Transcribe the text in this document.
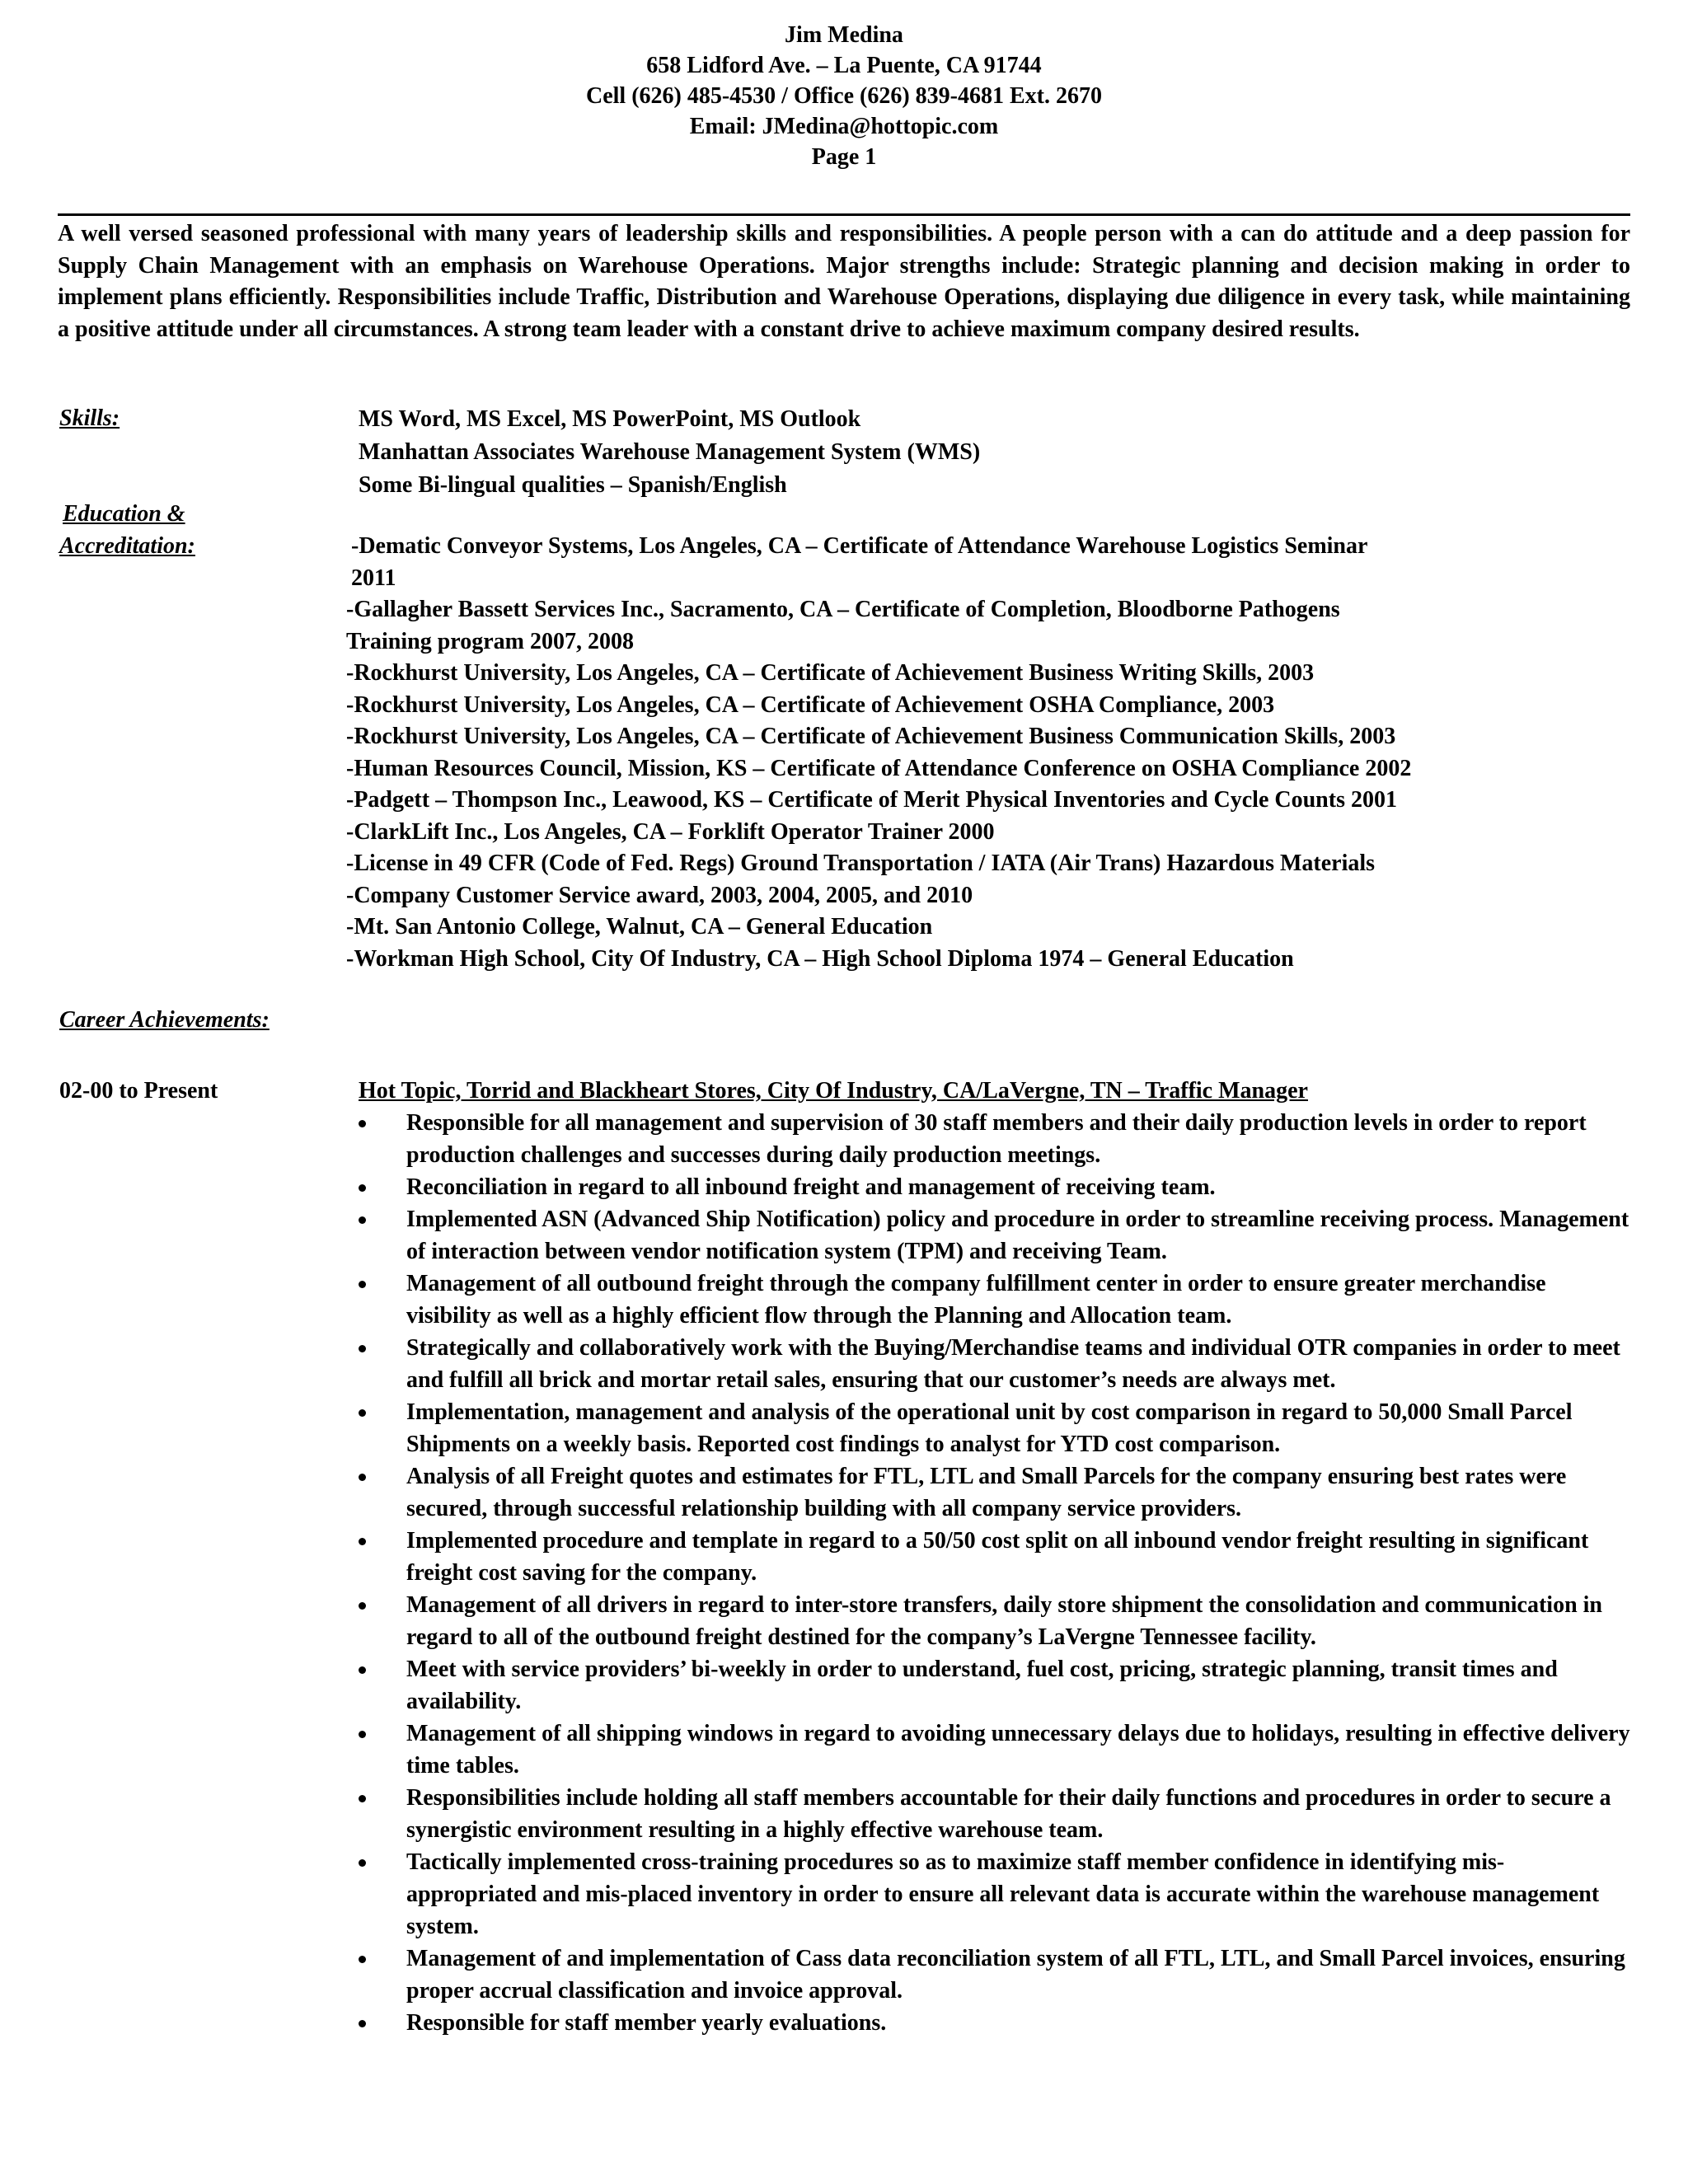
Jim Medina
658 Lidford Ave. – La Puente, CA 91744
Cell (626) 485-4530 / Office (626) 839-4681 Ext. 2670
Email: JMedina@hottopic.com
Page 1
A well versed seasoned professional with many years of leadership skills and responsibilities. A people person with a can do attitude and a deep passion for Supply Chain Management with an emphasis on Warehouse Operations. Major strengths include: Strategic planning and decision making in order to implement plans efficiently. Responsibilities include Traffic, Distribution and Warehouse Operations, displaying due diligence in every task, while maintaining a positive attitude under all circumstances. A strong team leader with a constant drive to achieve maximum company desired results.
Skills:	MS Word, MS Excel, MS PowerPoint, MS Outlook
Manhattan Associates Warehouse Management System (WMS)
Some Bi-lingual qualities – Spanish/English
Education &
Accreditation:	-Dematic Conveyor Systems, Los Angeles, CA – Certificate of Attendance Warehouse Logistics Seminar
2011
-Gallagher Bassett Services Inc., Sacramento, CA – Certificate of Completion, Bloodborne Pathogens
Training program 2007, 2008
-Rockhurst University, Los Angeles, CA – Certificate of Achievement Business Writing Skills, 2003
-Rockhurst University, Los Angeles, CA – Certificate of Achievement OSHA Compliance, 2003
-Rockhurst University, Los Angeles, CA – Certificate of Achievement Business Communication Skills, 2003
-Human Resources Council, Mission, KS – Certificate of Attendance Conference on OSHA Compliance 2002
-Padgett – Thompson Inc., Leawood, KS – Certificate of Merit Physical Inventories and Cycle Counts 2001
-ClarkLift Inc., Los Angeles, CA – Forklift Operator Trainer 2000
-License in 49 CFR (Code of Fed. Regs) Ground Transportation / IATA (Air Trans) Hazardous Materials
-Company Customer Service award, 2003, 2004, 2005, and 2010
-Mt. San Antonio College, Walnut, CA – General Education
-Workman High School, City Of Industry, CA – High School Diploma 1974 – General Education
Career Achievements:
02-00 to Present	Hot Topic, Torrid and Blackheart Stores, City Of Industry, CA/LaVergne, TN – Traffic Manager
Responsible for all management and supervision of 30 staff members and their daily production levels in order to report production challenges and successes during daily production meetings.
Reconciliation in regard to all inbound freight and management of receiving team.
Implemented ASN (Advanced Ship Notification) policy and procedure in order to streamline receiving process. Management of interaction between vendor notification system (TPM) and receiving Team.
Management of all outbound freight through the company fulfillment center in order to ensure greater merchandise visibility as well as a highly efficient flow through the Planning and Allocation team.
Strategically and collaboratively work with the Buying/Merchandise teams and individual OTR companies in order to meet and fulfill all brick and mortar retail sales, ensuring that our customer’s needs are always met.
Implementation, management and analysis of the operational unit by cost comparison in regard to 50,000 Small Parcel Shipments on a weekly basis. Reported cost findings to analyst for YTD cost comparison.
Analysis of all Freight quotes and estimates for FTL, LTL and Small Parcels for the company ensuring best rates were secured, through successful relationship building with all company service providers.
Implemented procedure and template in regard to a 50/50 cost split on all inbound vendor freight resulting in significant freight cost saving for the company.
Management of all drivers in regard to inter-store transfers, daily store shipment the consolidation and communication in regard to all of the outbound freight destined for the company’s LaVergne Tennessee facility.
Meet with service providers’ bi-weekly in order to understand, fuel cost, pricing, strategic planning, transit times and availability.
Management of all shipping windows in regard to avoiding unnecessary delays due to holidays, resulting in effective delivery time tables.
Responsibilities include holding all staff members accountable for their daily functions and procedures in order to secure a synergistic environment resulting in a highly effective warehouse team.
Tactically implemented cross-training procedures so as to maximize staff member confidence in identifying mis-appropriated and mis-placed inventory in order to ensure all relevant data is accurate within the warehouse management system.
Management of and implementation of Cass data reconciliation system of all FTL, LTL, and Small Parcel invoices, ensuring proper accrual classification and invoice approval.
Responsible for staff member yearly evaluations.
